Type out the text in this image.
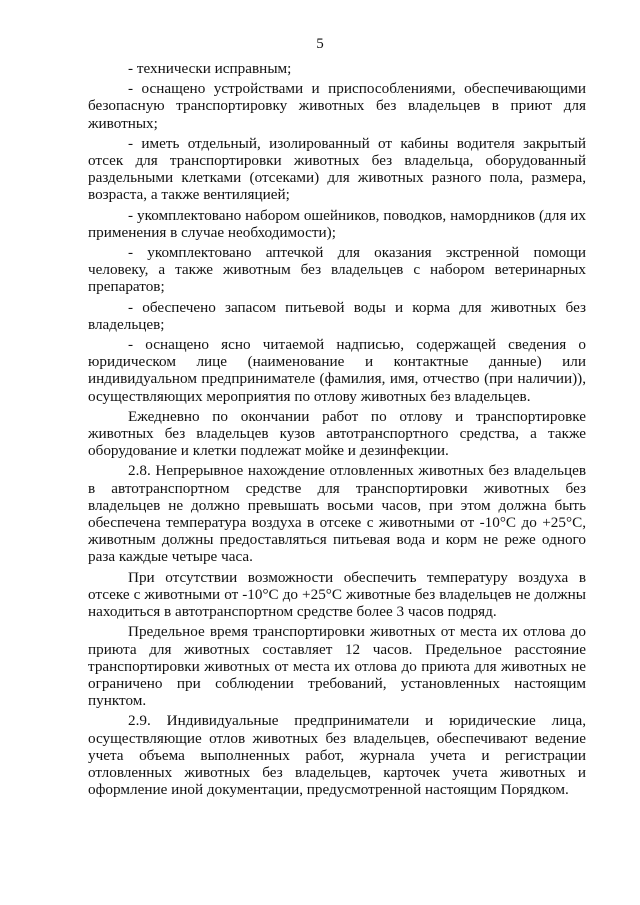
5

- технически исправным;

- оснащено устройствами и приспособлениями, обеспечивающими безопасную транспортировку животных без владельцев в приют для животных;

- иметь отдельный, изолированный от кабины водителя закрытый отсек для транспортировки животных без владельца, оборудованный раздельными клетками (отсеками) для животных разного пола, размера, возраста, а также вентиляцией;

- укомплектовано набором ошейников, поводков, намордников (для их применения в случае необходимости);

- укомплектовано аптечкой для оказания экстренной помощи человеку, а также животным без владельцев с набором ветеринарных препаратов;

- обеспечено запасом питьевой воды и корма для животных без владельцев;

- оснащено ясно читаемой надписью, содержащей сведения о юридическом лице (наименование и контактные данные) или индивидуальном предпринимателе (фамилия, имя, отчество (при наличии)), осуществляющих мероприятия по отлову животных без владельцев.

Ежедневно по окончании работ по отлову и транспортировке животных без владельцев кузов автотранспортного средства, а также оборудование и клетки подлежат мойке и дезинфекции.

2.8. Непрерывное нахождение отловленных животных без владельцев в автотранспортном средстве для транспортировки животных без владельцев не должно превышать восьми часов, при этом должна быть обеспечена температура воздуха в отсеке с животными от -10°С до +25°С, животным должны предоставляться питьевая вода и корм не реже одного раза каждые четыре часа.

При отсутствии возможности обеспечить температуру воздуха в отсеке с животными от -10°С до +25°С животные без владельцев не должны находиться в автотранспортном средстве более 3 часов подряд.

Предельное время транспортировки животных от места их отлова до приюта для животных составляет 12 часов. Предельное расстояние транспортировки животных от места их отлова до приюта для животных не ограничено при соблюдении требований, установленных настоящим пунктом.

2.9. Индивидуальные предприниматели и юридические лица, осуществляющие отлов животных без владельцев, обеспечивают ведение учета объема выполненных работ, журнала учета и регистрации отловленных животных без владельцев, карточек учета животных и оформление иной документации, предусмотренной настоящим Порядком.
